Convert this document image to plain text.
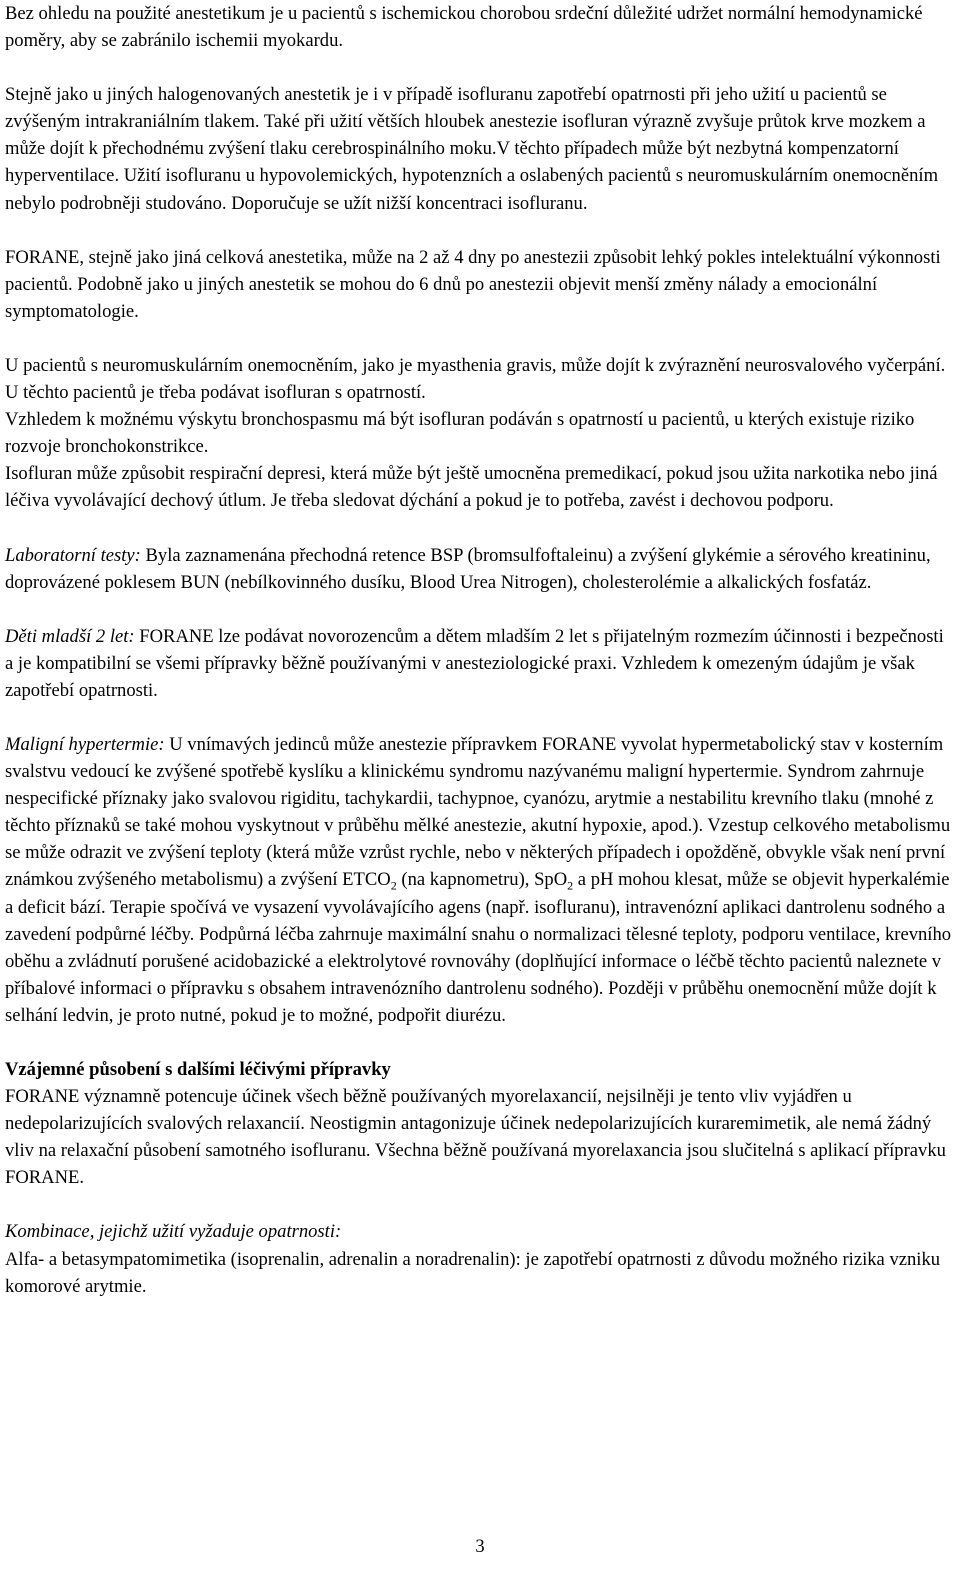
Bez ohledu na použité anestetikum je u pacientů s ischemickou chorobou srdeční důležité udržet normální hemodynamické poměry, aby se zabránilo ischemii myokardu.

Stejně jako u jiných halogenovaných anestetik je i v případě isofluranu zapotřebí opatrnosti při jeho užití u pacientů se zvýšeným intrakraniálním tlakem. Také při užití větších hloubek anestezie isofluran výrazně zvyšuje průtok krve mozkem a může dojít k přechodnému zvýšení tlaku cerebrospinálního moku.V těchto případech může být nezbytná kompenzatorní hyperventilace. Užití isofluranu u hypovolemických, hypotenzních a oslabených pacientů s neuromuskulárním onemocněním nebylo podrobněji studováno. Doporučuje se užít nižší koncentraci isofluranu.

FORANE, stejně jako jiná celková anestetika, může na 2 až 4 dny po anestezii způsobit lehký pokles intelektuální výkonnosti pacientů. Podobně jako u jiných anestetik se mohou do 6 dnů po anestezii objevit menší změny nálady a emocionální symptomatologie.

U pacientů s neuromuskulárním onemocněním, jako je myasthenia gravis, může dojít k zvýraznění neurosvalového vyčerpání. U těchto pacientů je třeba podávat isofluran s opatrností.

Vzhledem k možnému výskytu bronchospasmu má být isofluran podáván s opatrností u pacientů, u kterých existuje riziko rozvoje bronchokonstrikce.

Isofluran může způsobit respirační depresi, která může být ještě umocněna premedikací, pokud jsou užita narkotika nebo jiná léčiva vyvolávající dechový útlum. Je třeba sledovat dýchání a pokud je to potřeba, zavést i dechovou podporu.

Laboratorní testy: Byla zaznamenána přechodná retence BSP (bromsulfoftaleinu) a zvýšení glykémie a sérového kreatininu, doprovázené poklesem BUN (nebílkovinného dusíku, Blood Urea Nitrogen), cholesterolémie a alkalických fosfatáz.

Děti mladší 2 let: FORANE lze podávat novorozencům a dětem mladším 2 let s přijatelným rozmezím účinnosti i bezpečnosti a je kompatibilní se všemi přípravky běžně používanými v anesteziologické praxi. Vzhledem k omezeným údajům je však zapotřebí opatrnosti.

Maligní hypertermie: U vnímavých jedinců může anestezie přípravkem FORANE vyvolat hypermetabolický stav v kosterním svalstvu vedoucí ke zvýšené spotřebě kyslíku a klinickému syndromu nazývanému maligní hypertermie. Syndrom zahrnuje nespecifické příznaky jako svalovou rigiditu, tachykardii, tachypnoe, cyanózu, arytmie a nestabilitu krevního tlaku (mnohé z těchto příznaků se také mohou vyskytnout v průběhu mělké anestezie, akutní hypoxie, apod.). Vzestup celkového metabolismu se může odrazit ve zvýšení teploty (která může vzrůst rychle, nebo v některých případech i opožděně, obvykle však není první známkou zvýšeného metabolismu) a zvýšení $ETCO_2$ (na kapnometru), SpO$_2$ a pH mohou klesat, může se objevit hyperkalémie a deficit bází. Terapie spočívá ve vysazení vyvolávajícího agens (např. isofluranu), intravenózní aplikaci dantrolenu sodného a zavedení podpůrné léčby. Podpůrná léčba zahrnuje maximální snahu o normalizaci tělesné teploty, podporu ventilace, krevního oběhu a zvládnutí porušené acidobazické a elektrolytové rovnováhy (doplňující informace o léčbě těchto pacientů naleznete v příbalové informaci o přípravku s obsahem intravenózního dantrolenu sodného). Později v průběhu onemocnění může dojít k selhání ledvin, je proto nutné, pokud je to možné, podpořit diurézu.

Vzájemné působení s dalšími léčivými přípravky

FORANE významně potencuje účinek všech běžně používaných myorelaxancií, nejsilněji je tento vliv vyjádřen u nedepolarizujících svalových relaxancií. Neostigmin antagonizuje účinek nedepolarizujících kuraremimetik, ale nemá žádný vliv na relaxační působení samotného isofluranu. Všechna běžně používaná myorelaxancia jsou slučitelná s aplikací přípravku FORANE.

Kombinace, jejichž užití vyžaduje opatrnosti:

Alfa- a betasympatomimetika (isoprenalin, adrenalin a noradrenalin): je zapotřebí opatrnosti z důvodu možného rizika vzniku komorové arytmie.

3
